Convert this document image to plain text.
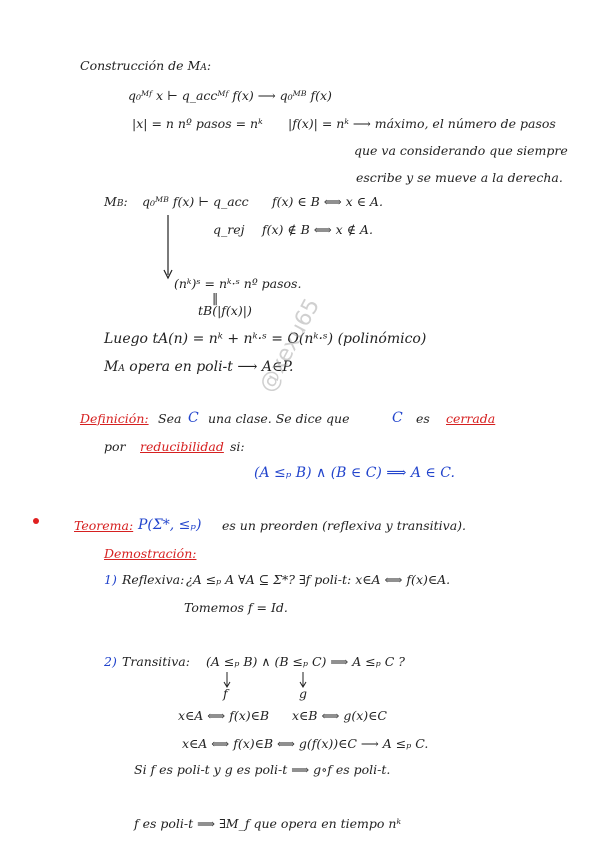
Construcción de MA:
q₀ᴹᶠ x ⊢ q_accᴹᶠ f(x) ⟶ q₀ᴹᴮ f(x)
|x| = n nº pasos = nᵏ |f(x)| = nᵏ ⟶ máximo, el número de pasos
que va considerando que siempre
escribe y se mueve a la derecha.
MB: q₀ᴹᴮ f(x) ⊢ q_acc f(x) ∈ B ⟺ x ∈ A.
q_rej f(x) ∉ B ⟺ x ∉ A.
(nᵏ)ˢ = nᵏ·ˢ nº pasos.
‖
tB(|f(x)|)
Luego tA(n) = nᵏ + nᵏ·ˢ = O(nᵏ·ˢ) (polinómico)
MA opera en poli-t ⟶ A∈P.
@xexu65
Definición: Sea C una clase. Se dice que	C es cerrada
por reducibilidad si:
(A ≤ₚ B) ∧ (B ∈ C) ⟹ A ∈ C.
Teorema: P(Σ*, ≤ₚ) es un preorden (reflexiva y transitiva).
Demostración:
1) Reflexiva: ¿A ≤ₚ A ∀A ⊆ Σ*? ∃f poli-t: x∈A ⟺ f(x)∈A.
Tomemos f = Id.
2) Transitiva: (A ≤ₚ B) ∧ (B ≤ₚ C) ⟹ A ≤ₚ C ?
f	g
x∈A ⟺ f(x)∈B x∈B ⟺ g(x)∈C
x∈A ⟺ f(x)∈B ⟺ g(f(x))∈C ⟶ A ≤ₚ C.
Si f es poli-t y g es poli-t ⟹ g∘f es poli-t.
f es poli-t ⟹ ∃M_f que opera en tiempo nᵏ
